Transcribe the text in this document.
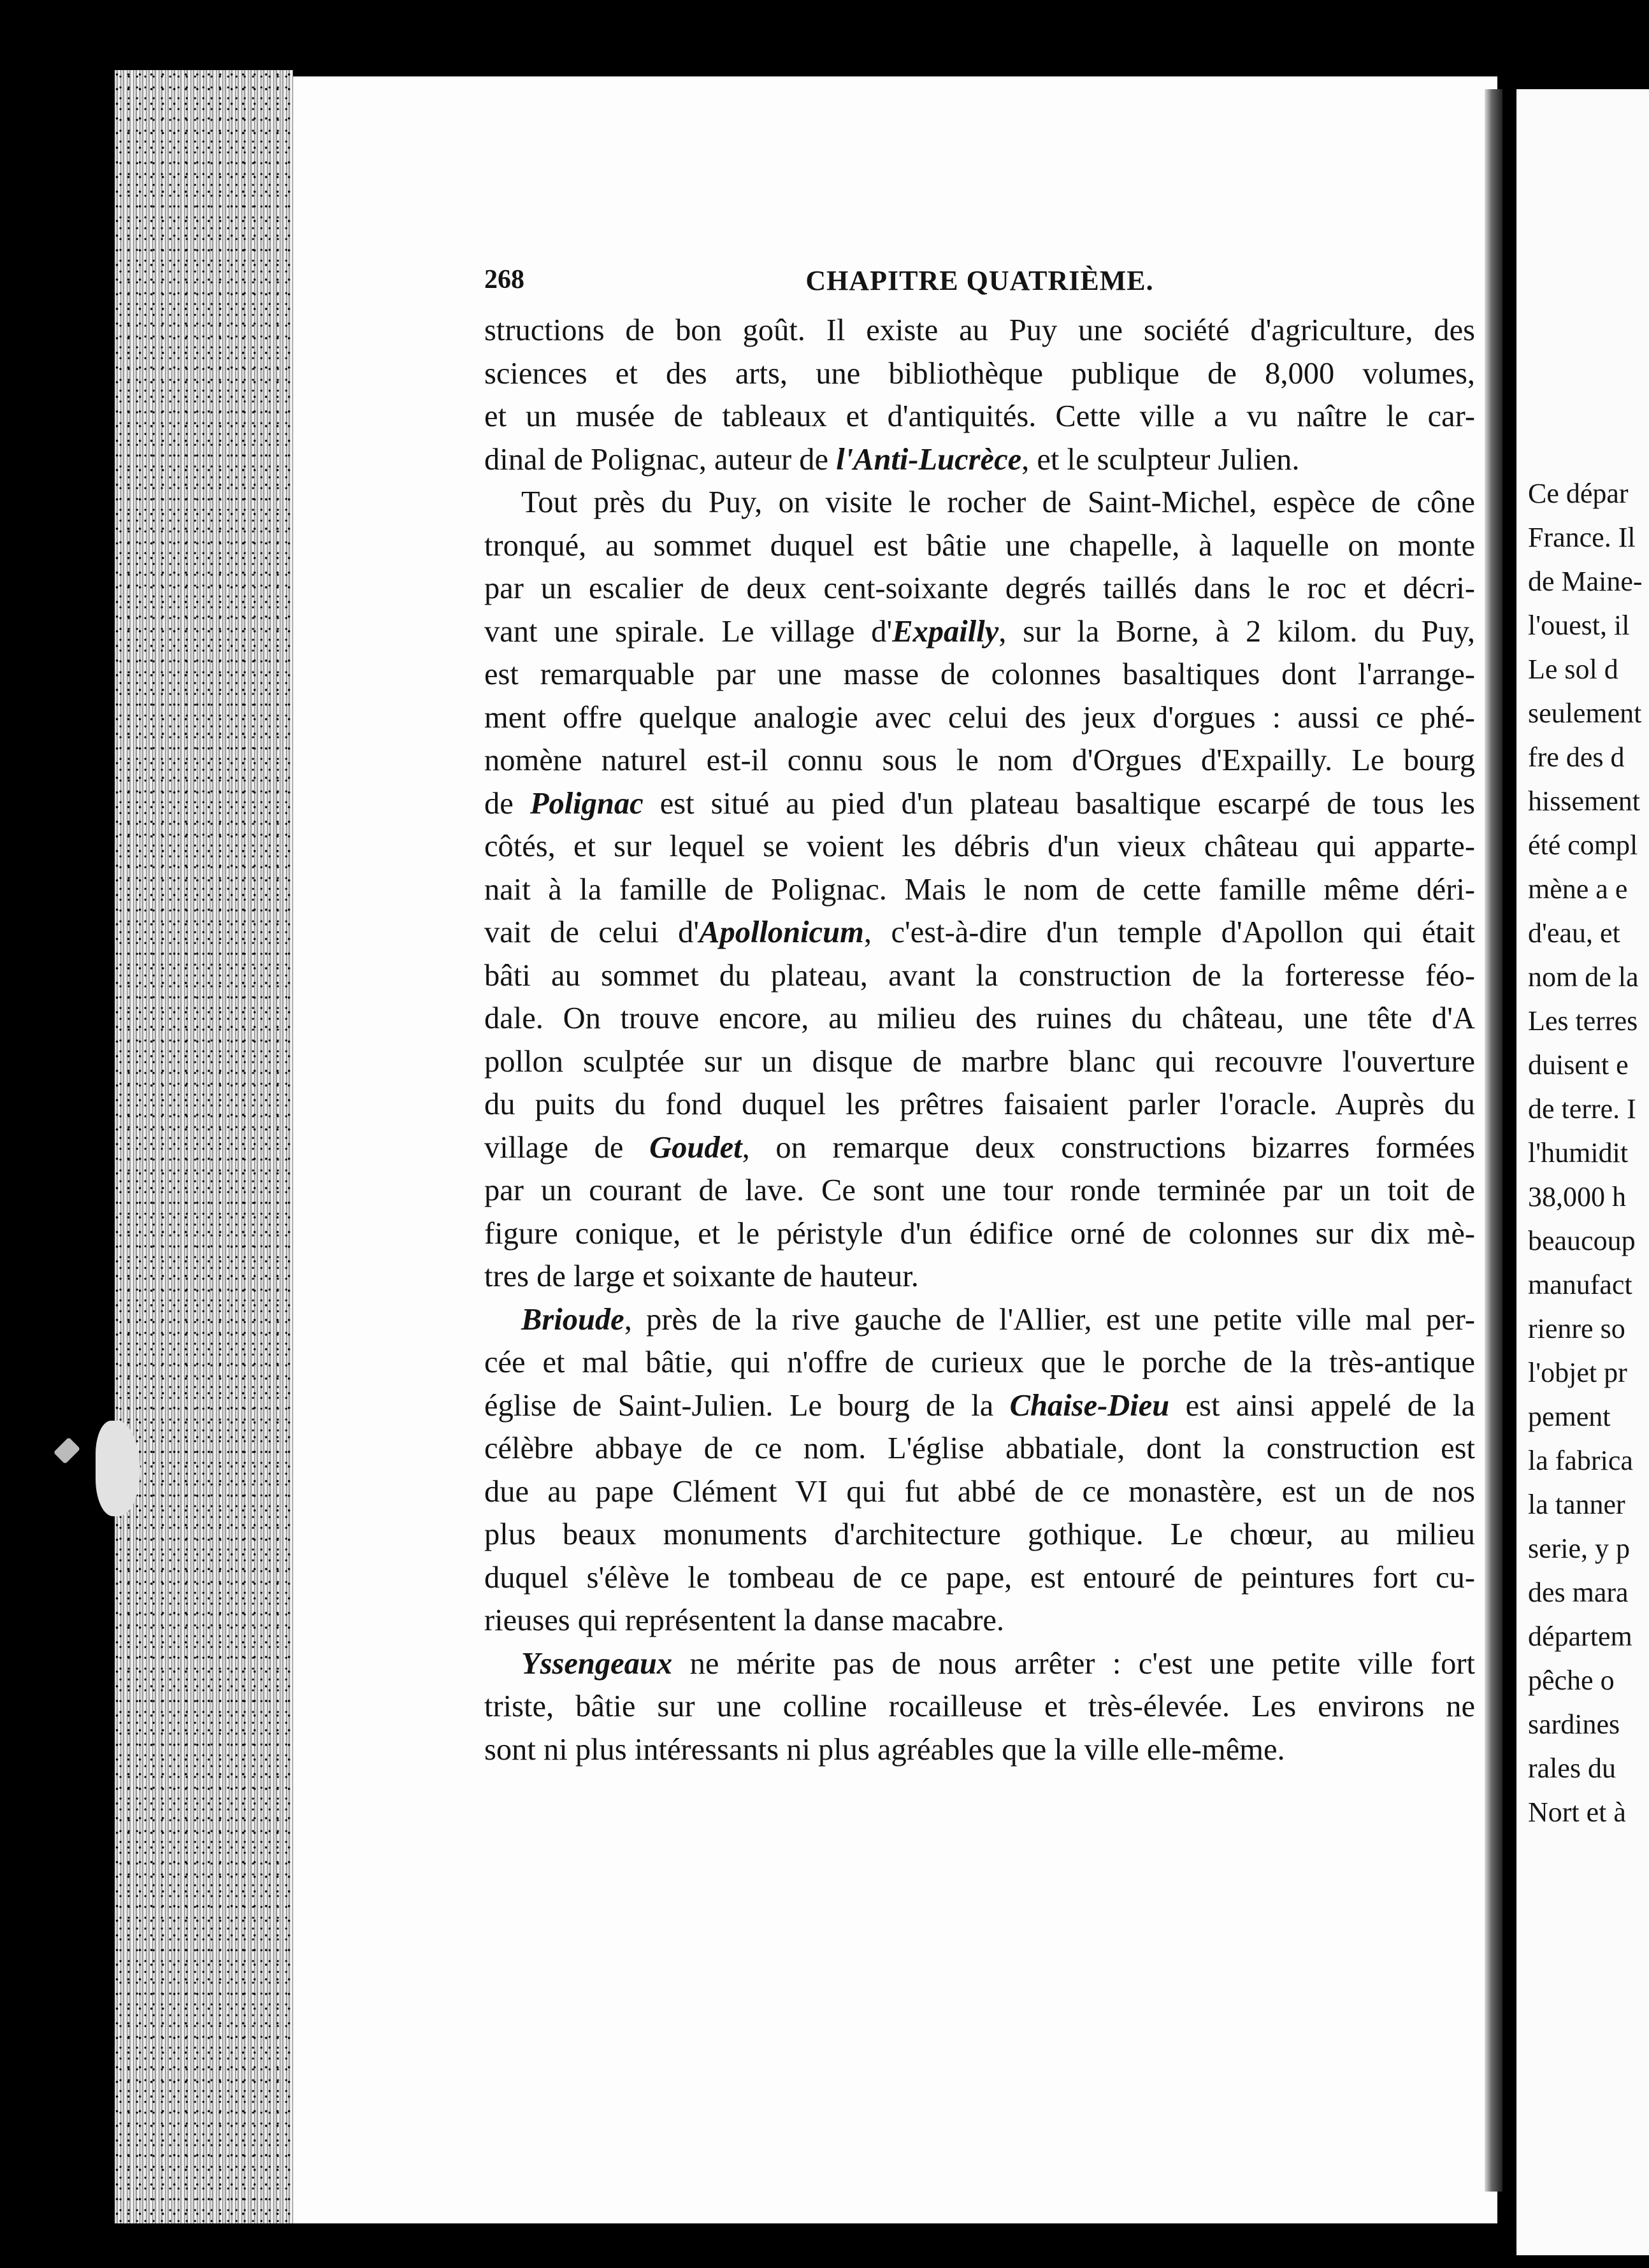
268	CHAPITRE QUATRIÈME.

structions de bon goût. Il existe au Puy une société d'agriculture, des
sciences et des arts, une bibliothèque publique de 8,000 volumes,
et un musée de tableaux et d'antiquités. Cette ville a vu naître le car-
dinal de Polignac, auteur de l'Anti-Lucrèce, et le sculpteur Julien.

Tout près du Puy, on visite le rocher de Saint-Michel, espèce de cône
tronqué, au sommet duquel est bâtie une chapelle, à laquelle on monte
par un escalier de deux cent-soixante degrés taillés dans le roc et décri-
vant une spirale. Le village d'Expailly, sur la Borne, à 2 kilom. du Puy,
est remarquable par une masse de colonnes basaltiques dont l'arrange-
ment offre quelque analogie avec celui des jeux d'orgues : aussi ce phé-
nomène naturel est-il connu sous le nom d'Orgues d'Expailly. Le bourg
de Polignac est situé au pied d'un plateau basaltique escarpé de tous les
côtés, et sur lequel se voient les débris d'un vieux château qui apparte-
nait à la famille de Polignac. Mais le nom de cette famille même déri-
vait de celui d'Apollonicum, c'est-à-dire d'un temple d'Apollon qui était
bâti au sommet du plateau, avant la construction de la forteresse féo-
dale. On trouve encore, au milieu des ruines du château, une tête d'A
pollon sculptée sur un disque de marbre blanc qui recouvre l'ouverture
du puits du fond duquel les prêtres faisaient parler l'oracle. Auprès du
village de Goudet, on remarque deux constructions bizarres formées
par un courant de lave. Ce sont une tour ronde terminée par un toit de
figure conique, et le péristyle d'un édifice orné de colonnes sur dix mè-
tres de large et soixante de hauteur.

Brioude, près de la rive gauche de l'Allier, est une petite ville mal per-
cée et mal bâtie, qui n'offre de curieux que le porche de la très-antique
église de Saint-Julien. Le bourg de la Chaise-Dieu est ainsi appelé de la
célèbre abbaye de ce nom. L'église abbatiale, dont la construction est
due au pape Clément VI qui fut abbé de ce monastère, est un de nos
plus beaux monuments d'architecture gothique. Le chœur, au milieu
duquel s'élève le tombeau de ce pape, est entouré de peintures fort cu-
rieuses qui représentent la danse macabre.

Yssengeaux ne mérite pas de nous arrêter : c'est une petite ville fort
triste, bâtie sur une colline rocailleuse et très-élevée. Les environs ne
sont ni plus intéressants ni plus agréables que la ville elle-même.

Ce dépar
France. Il
de Maine-
l'ouest, il
Le sol d
seulement
fre des d
hissement
été compl
mène a e
d'eau, et
nom de la
Les terres
duisent e
de terre. I
l'humidit
38,000 h
beaucoup
manufact
rienre so
l'objet pr
pement
la fabrica
la tanner
serie, y p
des mara
départem
pêche o
sardines
rales du
Nort et à
